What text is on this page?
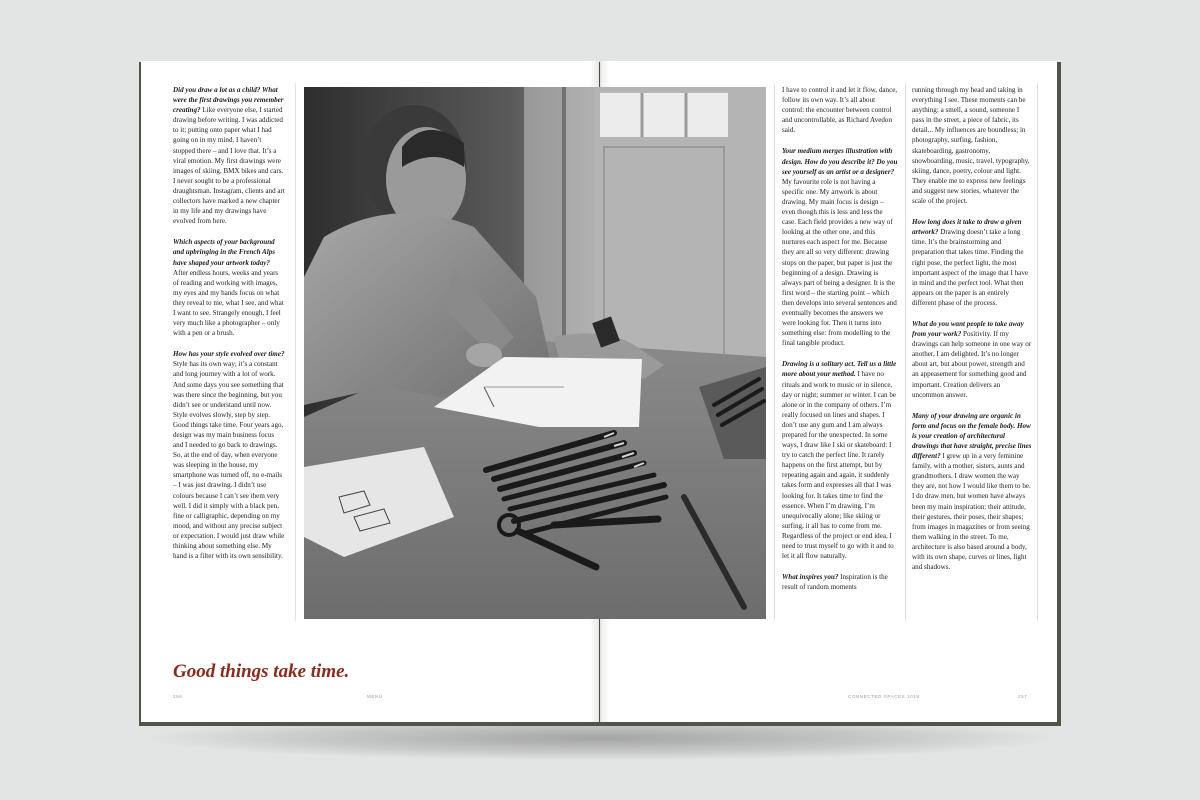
Did you draw a lot as a child? What were the first drawings you remember creating? Like everyone else, I started drawing before writing. I was addicted to it; putting onto paper what I had going on in my mind. I haven’t stopped there – and I love that. It’s a viral emotion. My first drawings were images of skiing, BMX bikes and cars. I never sought to be a professional draughtsman. Instagram, clients and art collectors have marked a new chapter in my life and my drawings have evolved from here.

Which aspects of your background and upbringing in the French Alps have shaped your artwork today? After endless hours, weeks and years of reading and working with images, my eyes and my hands focus on what they reveal to me, what I see, and what I want to see. Strangely enough, I feel very much like a photographer – only with a pen or a brush.

How has your style evolved over time? Style has its own way; it’s a constant and long journey with a lot of work. And some days you see something that was there since the beginning, but you didn’t see or understand until now. Style evolves slowly, step by step. Good things take time. Four years ago, design was my main business focus and I needed to go back to drawings. So, at the end of day, when everyone was sleeping in the house, my smartphone was turned off, no e-mails – I was just drawing. I didn’t use colours because I can’t see them very well. I did it simply with a black pen, fine or calligraphic, depending on my mood, and without any precise subject or expectation. I would just draw while thinking about something else. My hand is a filter with its own sensibility.

Good things take time.
256	MENU

I have to control it and let it flow, dance, follow its own way. It’s all about control: the encounter between control and uncontrollable, as Richard Avedon said.

Your medium merges illustration with design. How do you describe it? Do you see yourself as an artist or a designer? My favourite role is not having a specific one. My artwork is about drawing. My main focus is design – even though this is less and less the case. Each field provides a new way of looking at the other one, and this nurtures each aspect for me. Because they are all so very different: drawing stops on the paper, but paper is just the beginning of a design. Drawing is always part of being a designer. It is the first word – the starting point – which then develops into several sentences and eventually becomes the answers we were looking for. Then it turns into something else: from modelling to the final tangible product.

Drawing is a solitary act. Tell us a little more about your method. I have no rituals and work to music or in silence, day or night; summer or winter. I can be alone or in the company of others. I’m really focused on lines and shapes. I don’t use any gum and I am always prepared for the unexpected. In some ways, I draw like I ski or skateboard: I try to catch the perfect line. It rarely happens on the first attempt, but by repeating again and again, it suddenly takes form and expresses all that I was looking for. It takes time to find the essence. When I’m drawing, I’m unequivocally alone; like skiing or surfing, it all has to come from me. Regardless of the project or end idea, I need to trust myself to go with it and to let it all flow naturally.

What inspires you? Inspiration is the result of random moments

running through my head and taking in everything I see. These moments can be anything: a smell, a sound, someone I pass in the street, a piece of fabric, its detail... My influences are boundless; in photography, surfing, fashion, skateboarding, gastronomy, snowboarding, music, travel, typography, skiing, dance, poetry, colour and light. They enable me to express new feelings and suggest new stories, whatever the scale of the project.

How long does it take to draw a given artwork? Drawing doesn’t take a long time. It’s the brainstorming and preparation that takes time. Finding the right pose, the perfect light, the most important aspect of the image that I have in mind and the perfect tool. What then appears on the paper is an entirely different phase of the process.

What do you want people to take away from your work? Positivity. If my drawings can help someone in one way or another, I am delighted. It’s no longer about art, but about power, strength and an appeasement for something good and important. Creation delivers an uncommon answer.

Many of your drawing are organic in form and focus on the female body. How is your creation of architectural drawings that have straight, precise lines different? I grew up in a very feminine family, with a mother, sisters, aunts and grandmothers. I draw women the way they are, not how I would like them to be. I do draw men, but women have always been my main inspiration: their attitude, their gestures, their poses, their shapes; from images in magazines or from seeing them walking in the street. To me, architecture is also based around a body, with its own shape, curves or lines, light and shadows.

CONNECTED SPACES 2019	257
